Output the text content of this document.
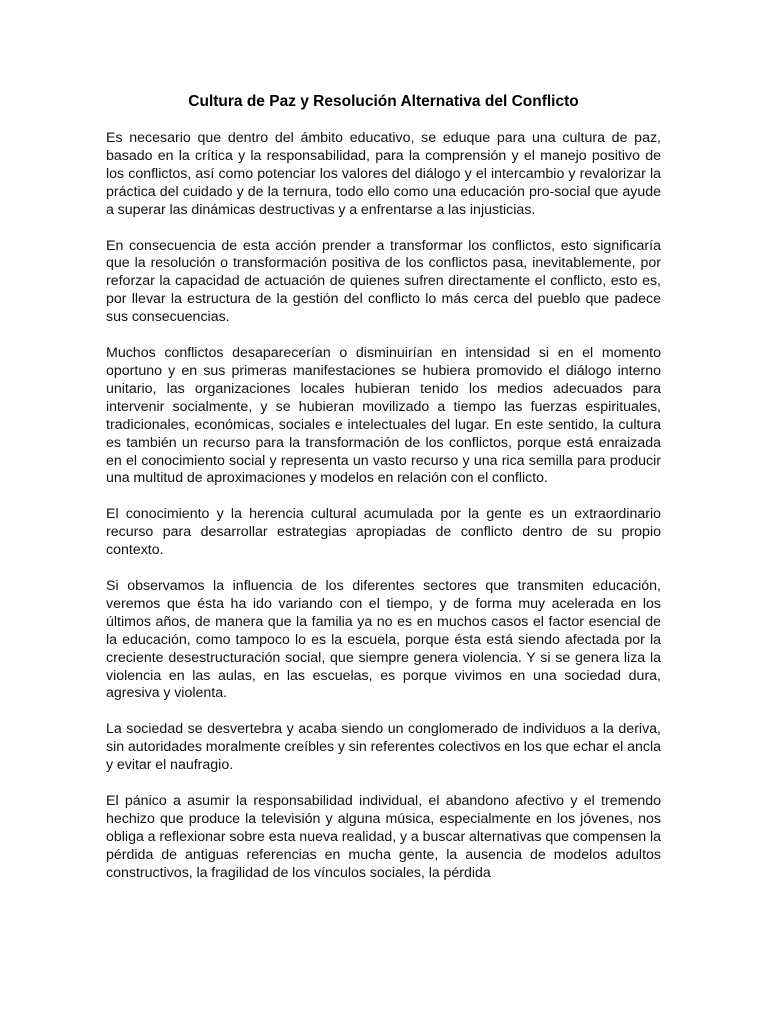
Cultura de Paz y Resolución Alternativa del Conflicto

Es necesario que dentro del ámbito educativo, se eduque para una cultura de paz, basado en la crítica y la responsabilidad, para la comprensión y el manejo positivo de los conflictos, así como potenciar los valores del diálogo y el intercambio y revalorizar la práctica del cuidado y de la ternura, todo ello como una educación pro-social que ayude a superar las dinámicas destructivas y a enfrentarse a las injusticias.

En consecuencia de esta acción prender a transformar los conflictos, esto significaría que la resolución o transformación positiva de los conflictos pasa, inevitablemente, por reforzar la capacidad de actuación de quienes sufren directamente el conflicto, esto es, por llevar la estructura de la gestión del conflicto lo más cerca del pueblo que padece sus consecuencias.

Muchos conflictos desaparecerían o disminuirían en intensidad si en el momento oportuno y en sus primeras manifestaciones se hubiera promovido el diálogo interno unitario, las organizaciones locales hubieran tenido los medios adecuados para intervenir socialmente, y se hubieran movilizado a tiempo las fuerzas espirituales, tradicionales, económicas, sociales e intelectuales del lugar. En este sentido, la cultura es también un recurso para la transformación de los conflictos, porque está enraizada en el conocimiento social y representa un vasto recurso y una rica semilla para producir una multitud de aproximaciones y modelos en relación con el conflicto.

El conocimiento y la herencia cultural acumulada por la gente es un extraordinario recurso para desarrollar estrategias apropiadas de conflicto dentro de su propio contexto.

Si observamos la influencia de los diferentes sectores que transmiten educación, veremos que ésta ha ido variando con el tiempo, y de forma muy acelerada en los últimos años, de manera que la familia ya no es en muchos casos el factor esencial de la educación, como tampoco lo es la escuela, porque ésta está siendo afectada por la creciente desestructuración social, que siempre genera violencia. Y si se genera liza la violencia en las aulas, en las escuelas, es porque vivimos en una sociedad dura, agresiva y violenta.

La sociedad se desvertebra y acaba siendo un conglomerado de individuos a la deriva, sin autoridades moralmente creíbles y sin referentes colectivos en los que echar el ancla y evitar el naufragio.

El pánico a asumir la responsabilidad individual, el abandono afectivo y el tremendo hechizo que produce la televisión y alguna música, especialmente en los jóvenes, nos obliga a reflexionar sobre esta nueva realidad, y a buscar alternativas que compensen la pérdida de antiguas referencias en mucha gente, la ausencia de modelos adultos constructivos, la fragilidad de los vínculos sociales, la pérdida
